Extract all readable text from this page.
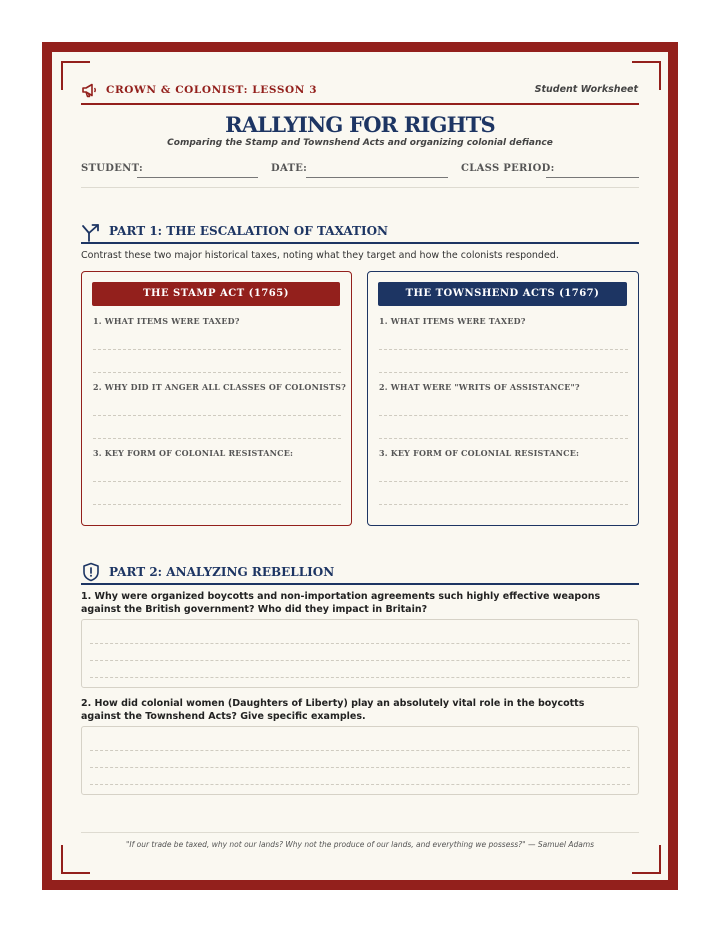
CROWN & COLONIST: LESSON 3	Student Worksheet
RALLYING FOR RIGHTS
Comparing the Stamp and Townshend Acts and organizing colonial defiance
STUDENT:	DATE:	CLASS PERIOD:
PART 1: THE ESCALATION OF TAXATION
Contrast these two major historical taxes, noting what they target and how the colonists responded.
THE STAMP ACT (1765)
1. WHAT ITEMS WERE TAXED?
2. WHY DID IT ANGER ALL CLASSES OF COLONISTS?
3. KEY FORM OF COLONIAL RESISTANCE:
THE TOWNSHEND ACTS (1767)
1. WHAT ITEMS WERE TAXED?
2. WHAT WERE "WRITS OF ASSISTANCE"?
3. KEY FORM OF COLONIAL RESISTANCE:
PART 2: ANALYZING REBELLION
1. Why were organized boycotts and non-importation agreements such highly effective weapons against the British government? Who did they impact in Britain?
2. How did colonial women (Daughters of Liberty) play an absolutely vital role in the boycotts against the Townshend Acts? Give specific examples.
"If our trade be taxed, why not our lands? Why not the produce of our lands, and everything we possess?" — Samuel Adams
